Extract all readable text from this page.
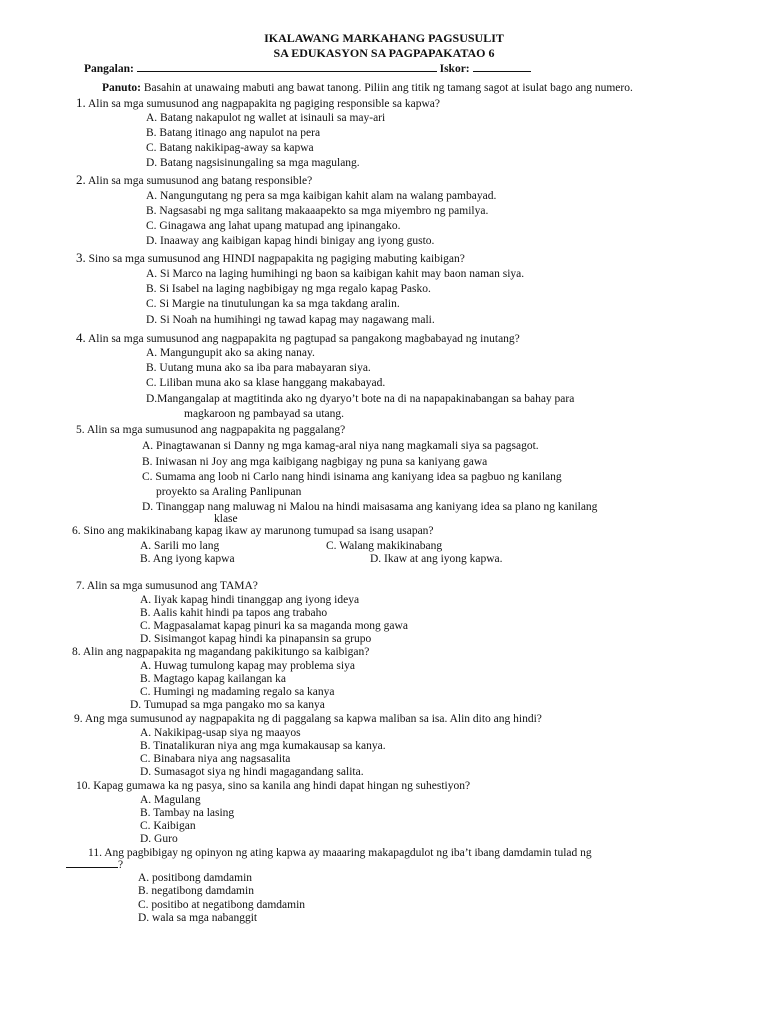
IKALAWANG MARKAHANG PAGSUSULIT
SA EDUKASYON SA PAGPAPAKATAO 6
Pangalan:	Iskor:
Panuto: Basahin at unawaing mabuti ang bawat tanong. Piliin ang titik ng tamang sagot at isulat bago ang numero.
1. Alin sa mga sumusunod ang nagpapakita ng pagiging responsible sa kapwa?
A. Batang nakapulot ng wallet at isinauli sa may-ari
B. Batang itinago ang napulot na pera
C. Batang nakikipag-away sa kapwa
D. Batang nagsisinungaling sa mga magulang.
2. Alin sa mga sumusunod ang batang responsible?
A. Nangungutang ng pera sa mga kaibigan kahit alam na walang pambayad.
B. Nagsasabi ng mga salitang makaaapekto sa mga miyembro ng pamilya.
C. Ginagawa ang lahat upang matupad ang ipinangako.
D. Inaaway ang kaibigan kapag hindi binigay ang iyong gusto.
3. Sino sa mga sumusunod ang HINDI nagpapakita ng pagiging mabuting kaibigan?
A. Si Marco na laging humihingi ng baon sa kaibigan kahit may baon naman siya.
B. Si Isabel na laging nagbibigay ng mga regalo kapag Pasko.
C. Si Margie na tinutulungan ka sa mga takdang aralin.
D. Si Noah na humihingi ng tawad kapag may nagawang mali.
4. Alin sa mga sumusunod ang nagpapakita ng pagtupad sa pangakong magbabayad ng inutang?
A. Mangungupit ako sa aking nanay.
B. Uutang muna ako sa iba para mabayaran siya.
C. Liliban muna ako sa klase hanggang makabayad.
D.Mangangalap at magtitinda ako ng dyaryo’t bote na di na napapakinabangan sa bahay para
magkaroon ng pambayad sa utang.
5. Alin sa mga sumusunod ang nagpapakita ng paggalang?
A. Pinagtawanan si Danny ng mga kamag-aral niya nang magkamali siya sa pagsagot.
B. Iniwasan ni Joy ang mga kaibigang nagbigay ng puna sa kaniyang gawa
C. Sumama ang loob ni Carlo nang hindi isinama ang kaniyang idea sa pagbuo ng kanilang
proyekto sa Araling Panlipunan
D. Tinanggap nang maluwag ni Malou na hindi maisasama ang kaniyang idea sa plano ng kanilang
klase
6. Sino ang makikinabang kapag ikaw ay marunong tumupad sa isang usapan?
A. Sarili mo lang	C. Walang makikinabang
B. Ang iyong kapwa	D. Ikaw at ang iyong kapwa.
7. Alin sa mga sumusunod ang TAMA?
A. Iiyak kapag hindi tinanggap ang iyong ideya
B. Aalis kahit hindi pa tapos ang trabaho
C. Magpasalamat kapag pinuri ka sa maganda mong gawa
D. Sisimangot kapag hindi ka pinapansin sa grupo
8. Alin ang nagpapakita ng magandang pakikitungo sa kaibigan?
A. Huwag tumulong kapag may problema siya
B. Magtago kapag kailangan ka
C. Humingi ng madaming regalo sa kanya
D. Tumupad sa mga pangako mo sa kanya
9. Ang mga sumusunod ay nagpapakita ng di paggalang sa kapwa maliban sa isa. Alin dito ang hindi?
A. Nakikipag-usap siya ng maayos
B. Tinatalikuran niya ang mga kumakausap sa kanya.
C. Binabara niya ang nagsasalita
D. Sumasagot siya ng hindi magagandang salita.
10. Kapag gumawa ka ng pasya, sino sa kanila ang hindi dapat hingan ng suhestiyon?
A. Magulang
B. Tambay na lasing
C. Kaibigan
D. Guro
11. Ang pagbibigay ng opinyon ng ating kapwa ay maaaring makapagdulot ng iba’t ibang damdamin tulad ng
?
A. positibong damdamin
B. negatibong damdamin
C. positibo at negatibong damdamin
D. wala sa mga nabanggit
